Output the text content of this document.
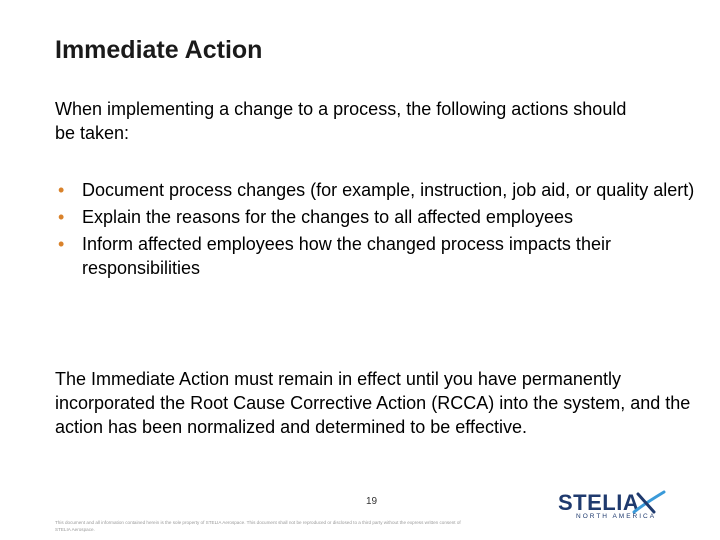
Immediate Action

When implementing a change to a process, the following actions should be taken:

• Document process changes (for example, instruction, job aid, or quality alert)
• Explain the reasons for the changes to all affected employees
• Inform affected employees how the changed process impacts their responsibilities

The Immediate Action must remain in effect until you have permanently incorporated the Root Cause Corrective Action (RCCA) into the system, and the action has been normalized and determined to be effective.

19
This document and all information contained herein is the sole property of STELIA Aerospace. This document shall not be reproduced or disclosed to a third party without the express written consent of STELIA Aerospace.
STELIA
NORTH AMERICA
